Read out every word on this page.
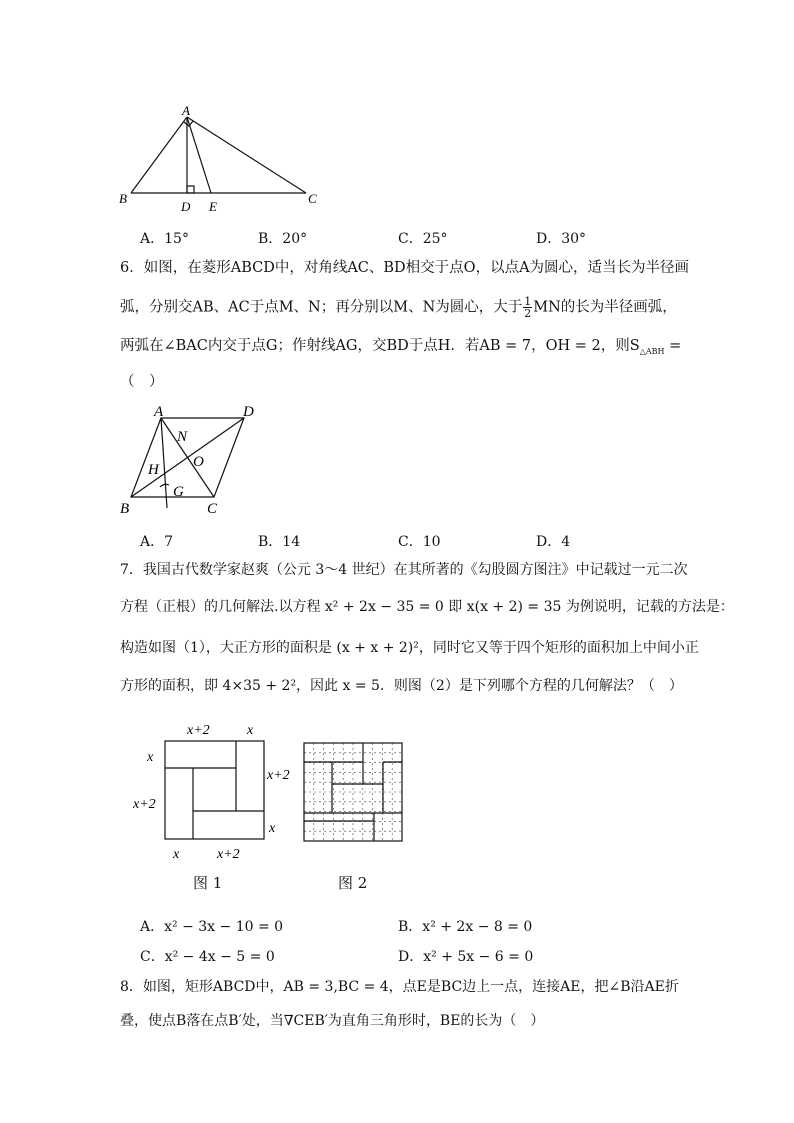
A
B	C
D E
A．15°	B．20°	C．25°	D．30°
6．如图，在菱形ABCD中，对角线AC、BD相交于点O，以点A为圆心，适当长为半径画
弧，分别交AB、AC于点M、N；再分别以M、N为圆心，大于 $\frac{1}{2}$ MN的长为半径画弧，
两弧在∠BAC内交于点G；作射线AG，交BD于点H．若AB = 7，OH = 2，则$S_{\triangle ABH}$ =
（　）
A	D
N
O
H
G
B	C
A．7	B．14	C．10	D．4
7．我国古代数学家赵爽（公元 3～4 世纪）在其所著的《勾股圆方图注》中记载过一元二次
方程（正根）的几何解法.以方程 x² + 2x − 35 = 0 即 x(x + 2) = 35 为例说明，记载的方法是：
构造如图（1），大正方形的面积是 (x + x + 2)²，同时它又等于四个矩形的面积加上中间小正
方形的面积，即 4×35 + 2²，因此 x = 5．则图（2）是下列哪个方程的几何解法？（　）
x+2	x
x
x+2
x+2
x
x	x+2
图 1	图 2
A．x² − 3x − 10 = 0	B．x² + 2x − 8 = 0
C．x² − 4x − 5 = 0	D．x² + 5x − 6 = 0
8．如图，矩形ABCD中，AB = 3,BC = 4，点E是BC边上一点，连接AE，把∠B沿AE折
叠，使点B落在点B′处，当∇CEB′为直角三角形时，BE的长为（　）
